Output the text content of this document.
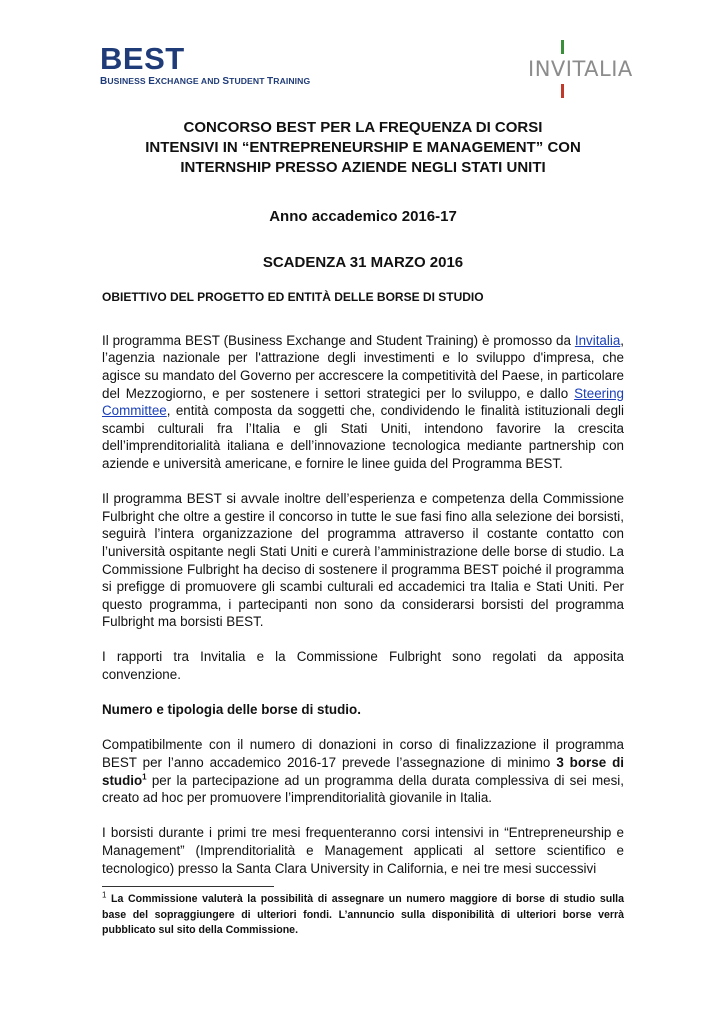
BEST
BUSINESS EXCHANGE AND STUDENT TRAINING	INVITALIA
CONCORSO BEST PER LA FREQUENZA DI CORSI
INTENSIVI IN “ENTREPRENEURSHIP E MANAGEMENT” CON
INTERNSHIP PRESSO AZIENDE NEGLI STATI UNITI
Anno accademico 2016-17
SCADENZA 31 MARZO 2016
OBIETTIVO DEL PROGETTO ED ENTITÀ DELLE BORSE DI STUDIO

Il programma BEST (Business Exchange and Student Training) è promosso da Invitalia, l’agenzia nazionale per l'attrazione degli investimenti e lo sviluppo d'impresa, che agisce su mandato del Governo per accrescere la competitività del Paese, in particolare del Mezzogiorno, e per sostenere i settori strategici per lo sviluppo, e dallo Steering Committee, entità composta da soggetti che, condividendo le finalità istituzionali degli scambi culturali fra l’Italia e gli Stati Uniti, intendono favorire la crescita dell’imprenditorialità italiana e dell’innovazione tecnologica mediante partnership con aziende e università americane, e fornire le linee guida del Programma BEST.

Il programma BEST si avvale inoltre dell’esperienza e competenza della Commissione Fulbright che oltre a gestire il concorso in tutte le sue fasi fino alla selezione dei borsisti, seguirà l’intera organizzazione del programma attraverso il costante contatto con l’università ospitante negli Stati Uniti e curerà l’amministrazione delle borse di studio. La Commissione Fulbright ha deciso di sostenere il programma BEST poiché il programma si prefigge di promuovere gli scambi culturali ed accademici tra Italia e Stati Uniti. Per questo programma, i partecipanti non sono da considerarsi borsisti del programma Fulbright ma borsisti BEST.

I rapporti tra Invitalia e la Commissione Fulbright sono regolati da apposita convenzione.

Numero e tipologia delle borse di studio.

Compatibilmente con il numero di donazioni in corso di finalizzazione il programma BEST per l’anno accademico 2016-17 prevede l’assegnazione di minimo 3 borse di studio$^1$ per la partecipazione ad un programma della durata complessiva di sei mesi, creato ad hoc per promuovere l’imprenditorialità giovanile in Italia.

I borsisti durante i primi tre mesi frequenteranno corsi intensivi in “Entrepreneurship e Management” (Imprenditorialità e Management applicati al settore scientifico e tecnologico) presso la Santa Clara University in California, e nei tre mesi successivi

$^1$ La Commissione valuterà la possibilità di assegnare un numero maggiore di borse di studio sulla base del sopraggiungere di ulteriori fondi. L’annuncio sulla disponibilità di ulteriori borse verrà pubblicato sul sito della Commissione.
